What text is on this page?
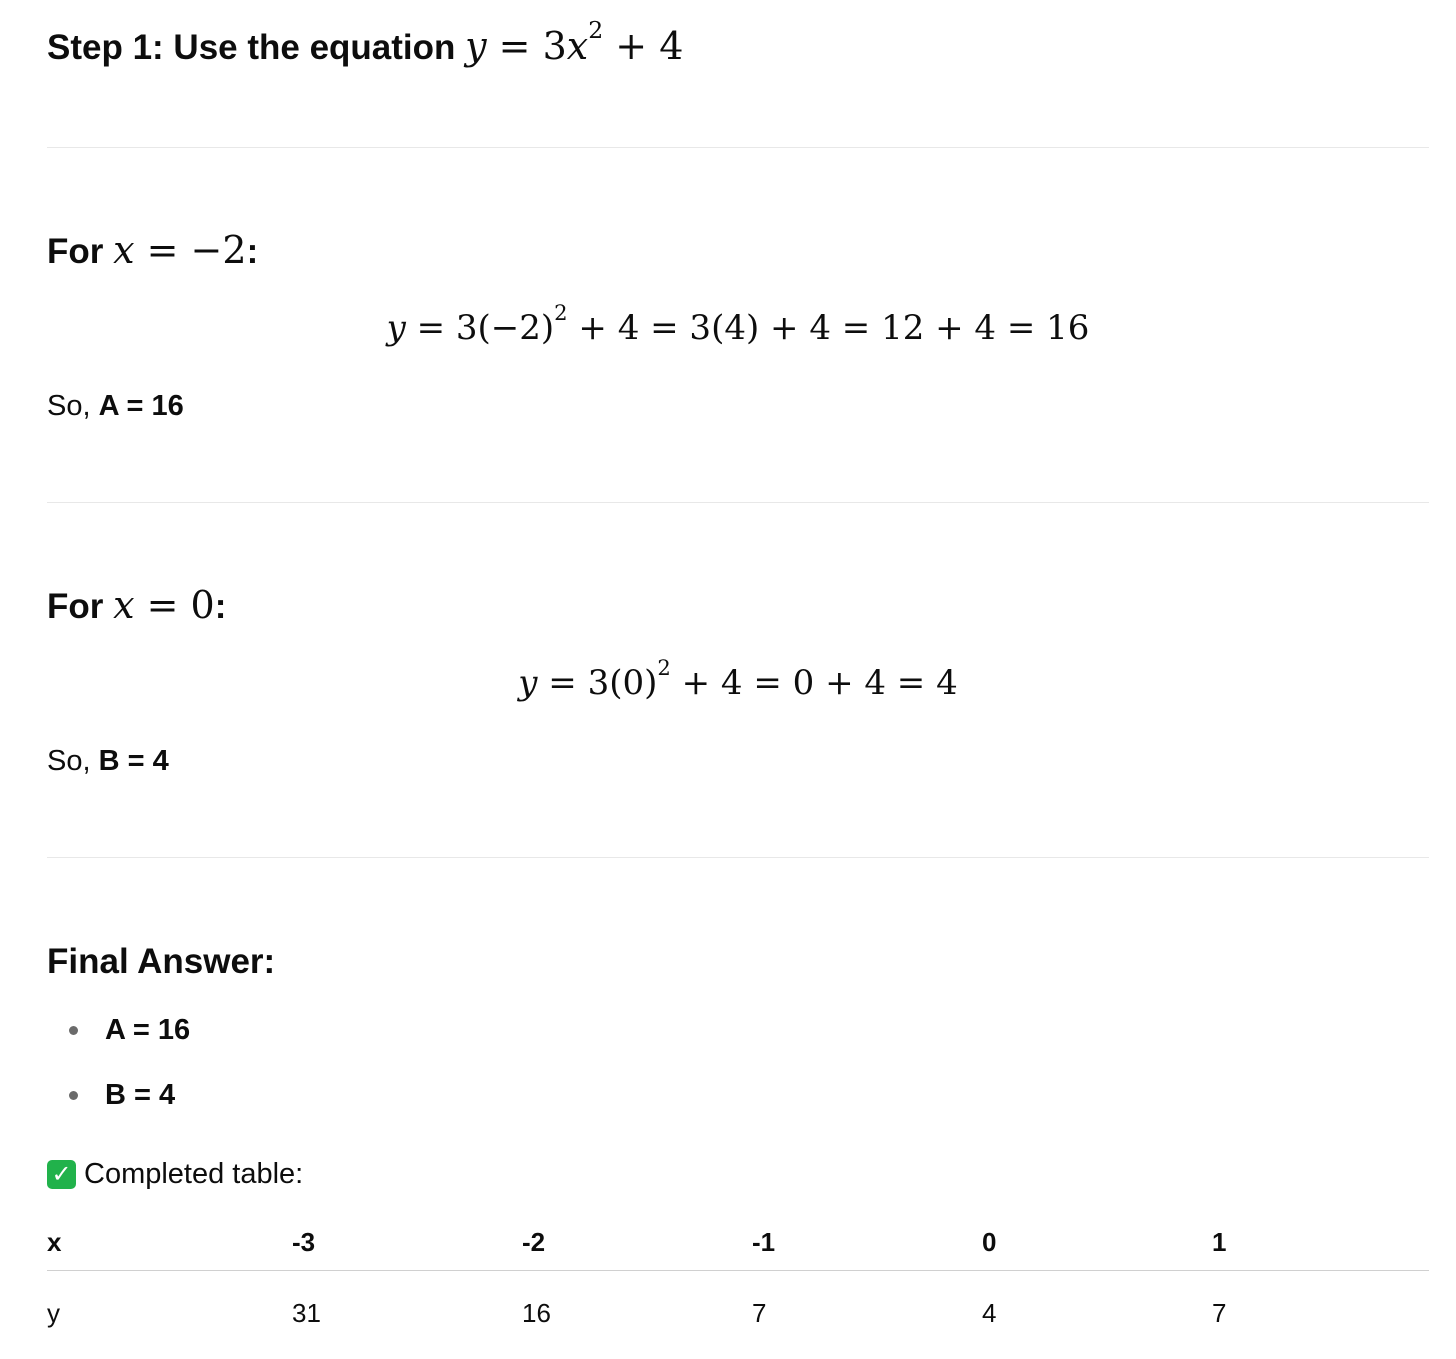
Step 1: Use the equation $y = 3x^2 + 4$
For x = −2:
$y = 3(-2)^2 + 4 = 3(4) + 4 = 12 + 4 = 16$
So, A = 16
For x = 0:
$y = 3(0)^2 + 4 = 0 + 4 = 4$
So, B = 4
Final Answer:
A = 16
B = 4
✓ Completed table:
x	-3	-2	-1	0	1
y	31	16	7	4	7
